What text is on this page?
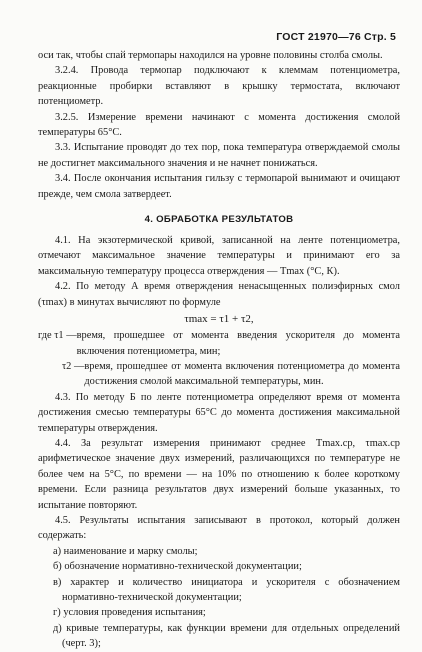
ГОСТ 21970—76 Стр. 5

оси так, чтобы спай термопары находился на уровне половины столба смолы.

3.2.4. Провода термопар подключают к клеммам потенциометра, реакционные пробирки вставляют в крышку термостата, включают потенциометр.

3.2.5. Измерение времени начинают с момента достижения смолой температуры 65°С.

3.3. Испытание проводят до тех пор, пока температура отверждаемой смолы не достигнет максимального значения и не начнет понижаться.

3.4. После окончания испытания гильзу с термопарой вынимают и очищают прежде, чем смола затвердеет.

4. ОБРАБОТКА РЕЗУЛЬТАТОВ

4.1. На экзотермической кривой, записанной на ленте потенциометра, отмечают максимальное значение температуры и принимают его за максимальную температуру процесса отверждения — Tmax (°С, К).

4.2. По методу А время отверждения ненасыщенных полиэфирных смол (τmax) в минутах вычисляют по формуле

τmax = τ1 + τ2,

где τ1 — время, прошедшее от момента введения ускорителя до момента включения потенциометра, мин;
τ2 — время, прошедшее от момента включения потенциометра до момента достижения смолой максимальной температуры, мин.

4.3. По методу Б по ленте потенциометра определяют время от момента достижения смесью температуры 65°С до момента достижения максимальной температуры отверждения.

4.4. За результат измерения принимают среднее Tmax.ср, τmax.ср арифметическое значение двух измерений, различающихся по температуре не более чем на 5°С, по времени — на 10% по отношению к более короткому времени. Если разница результатов двух измерений больше указанных, то испытание повторяют.

4.5. Результаты испытания записывают в протокол, который должен содержать:

а) наименование и марку смолы;
б) обозначение нормативно-технической документации;
в) характер и количество инициатора и ускорителя с обозначением нормативно-технической документации;
г) условия проведения испытания;
д) кривые температуры, как функции времени для отдельных определений (черт. 3);
